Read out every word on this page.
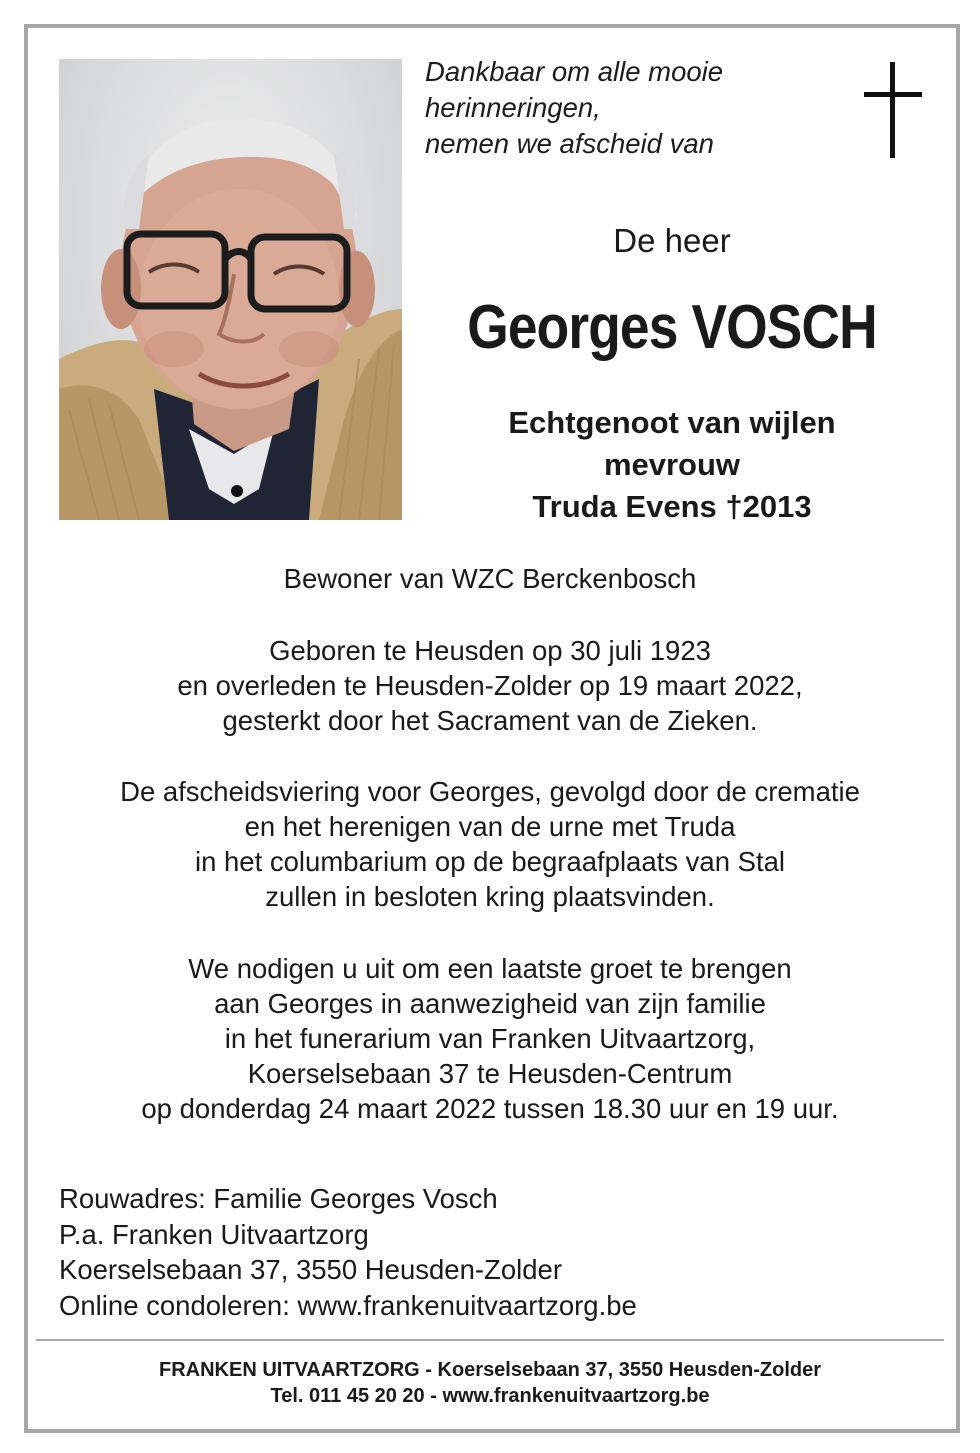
Dankbaar om alle mooie
herinneringen,
nemen we afscheid van
De heer
Georges VOSCH
Echtgenoot van wijlen
mevrouw
Truda Evens †2013
Bewoner van WZC Berckenbosch
Geboren te Heusden op 30 juli 1923
en overleden te Heusden-Zolder op 19 maart 2022,
gesterkt door het Sacrament van de Zieken.
De afscheidsviering voor Georges, gevolgd door de crematie
en het herenigen van de urne met Truda
in het columbarium op de begraafplaats van Stal
zullen in besloten kring plaatsvinden.
We nodigen u uit om een laatste groet te brengen
aan Georges in aanwezigheid van zijn familie
in het funerarium van Franken Uitvaartzorg,
Koerselsebaan 37 te Heusden-Centrum
op donderdag 24 maart 2022 tussen 18.30 uur en 19 uur.
Rouwadres: Familie Georges Vosch
P.a. Franken Uitvaartzorg
Koerselsebaan 37, 3550 Heusden-Zolder
Online condoleren: www.frankenuitvaartzorg.be
FRANKEN UITVAARTZORG - Koerselsebaan 37, 3550 Heusden-Zolder
Tel. 011 45 20 20 - www.frankenuitvaartzorg.be
